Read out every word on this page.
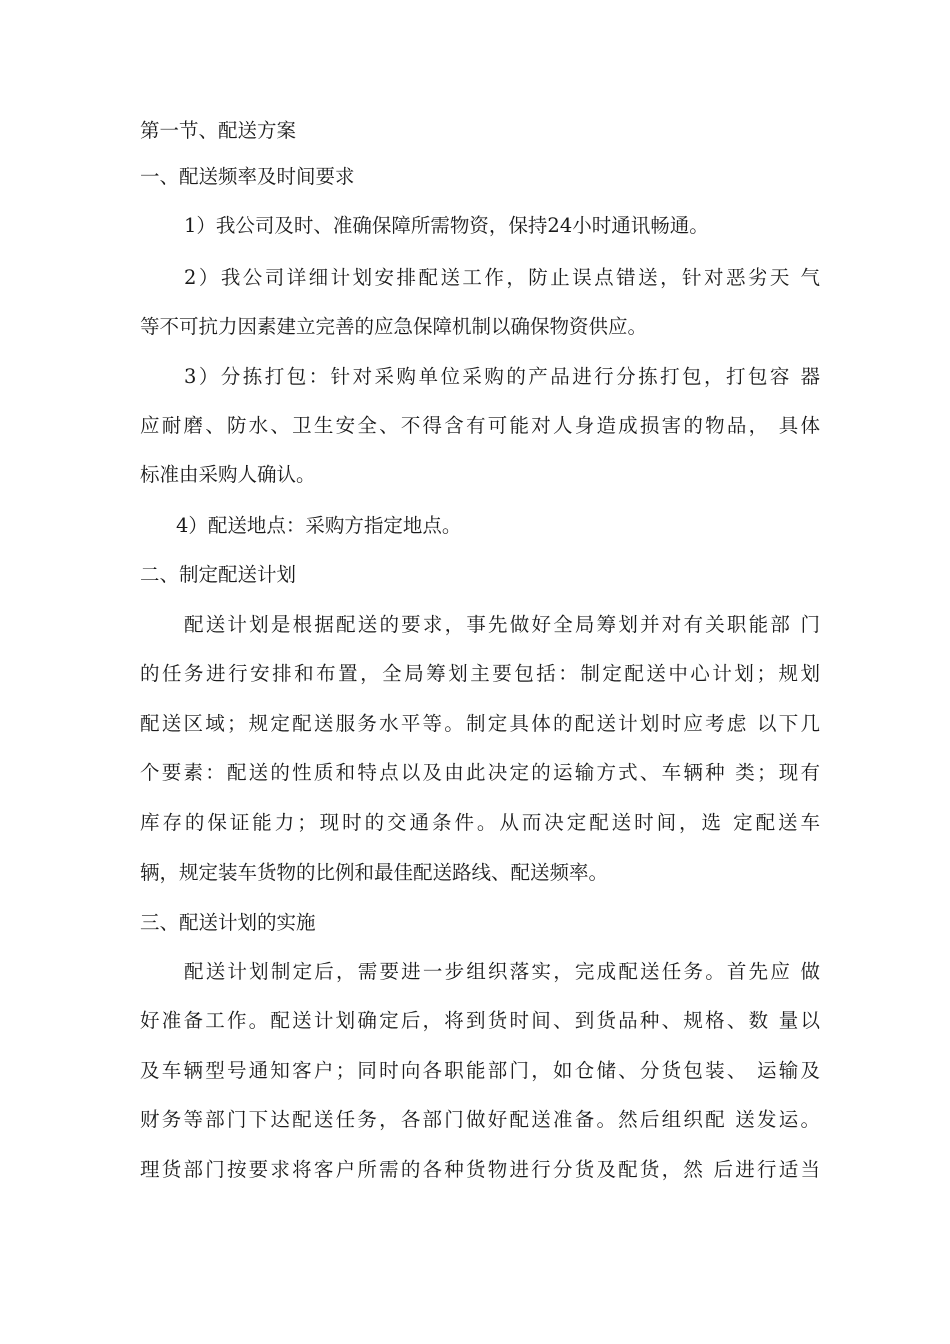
第一节、配送方案
一、配送频率及时间要求
1）我公司及时、准确保障所需物资，保持24小时通讯畅通。
2）我公司详细计划安排配送工作，防止误点错送，针对恶劣天 气
等不可抗力因素建立完善的应急保障机制以确保物资供应。
3）分拣打包：针对采购单位采购的产品进行分拣打包，打包容 器
应耐磨、防水、卫生安全、不得含有可能对人身造成损害的物品， 具体
标准由采购人确认。
4）配送地点：采购方指定地点。
二、制定配送计划
配送计划是根据配送的要求，事先做好全局筹划并对有关职能部 门
的任务进行安排和布置，全局筹划主要包括：制定配送中心计划；规划
配送区域；规定配送服务水平等。制定具体的配送计划时应考虑 以下几
个要素：配送的性质和特点以及由此决定的运输方式、车辆种 类；现有
库存的保证能力；现时的交通条件。从而决定配送时间，选 定配送车
辆，规定装车货物的比例和最佳配送路线、配送频率。
三、配送计划的实施
配送计划制定后，需要进一步组织落实，完成配送任务。首先应 做
好准备工作。配送计划确定后，将到货时间、到货品种、规格、数 量以
及车辆型号通知客户；同时向各职能部门，如仓储、分货包装、 运输及
财务等部门下达配送任务，各部门做好配送准备。然后组织配 送发运。
理货部门按要求将客户所需的各种货物进行分货及配货，然 后进行适当
